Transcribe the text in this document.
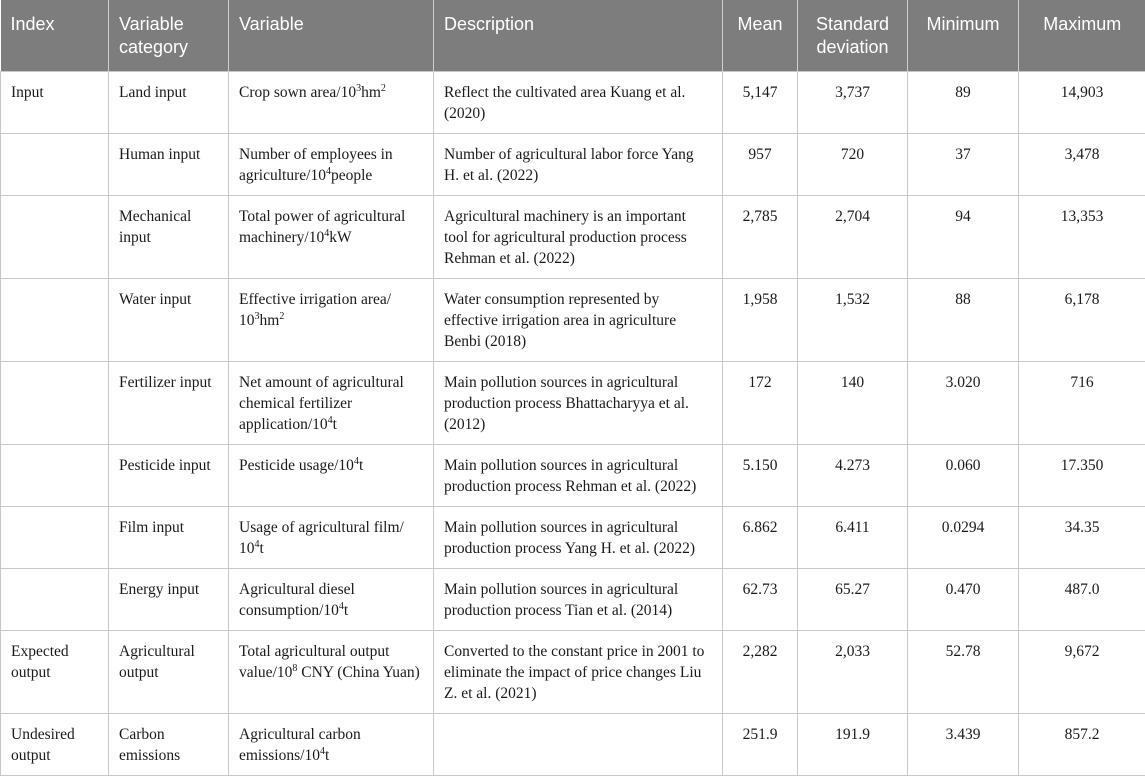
Index	Variable category	Variable	Description	Mean	Standard deviation	Minimum	Maximum
Input	Land input	Crop sown area/$10^3hm^2$	Reflect the cultivated area Kuang et al. (2020)	5,147	3,737	89	14,903
	Human input	Number of employees in agriculture/$10^4people$	Number of agricultural labor force Yang H. et al. (2022)	957	720	37	3,478
	Mechanical input	Total power of agricultural machinery/$10^4kW$	Agricultural machinery is an important tool for agricultural production process Rehman et al. (2022)	2,785	2,704	94	13,353
	Water input	Effective irrigation area/ $10^3hm^2$	Water consumption represented by effective irrigation area in agriculture Benbi (2018)	1,958	1,532	88	6,178
	Fertilizer input	Net amount of agricultural chemical fertilizer application/$10^4t$	Main pollution sources in agricultural production process Bhattacharyya et al. (2012)	172	140	3.020	716
	Pesticide input	Pesticide usage/$10^4t$	Main pollution sources in agricultural production process Rehman et al. (2022)	5.150	4.273	0.060	17.350
	Film input	Usage of agricultural film/ $10^4t$	Main pollution sources in agricultural production process Yang H. et al. (2022)	6.862	6.411	0.0294	34.35
	Energy input	Agricultural diesel consumption/$10^4t$	Main pollution sources in agricultural production process Tian et al. (2014)	62.73	65.27	0.470	487.0
Expected output	Agricultural output	Total agricultural output value/$10^8$ CNY (China Yuan)	Converted to the constant price in 2001 to eliminate the impact of price changes Liu Z. et al. (2021)	2,282	2,033	52.78	9,672
Undesired output	Carbon emissions	Agricultural carbon emissions/$10^4t$		251.9	191.9	3.439	857.2
